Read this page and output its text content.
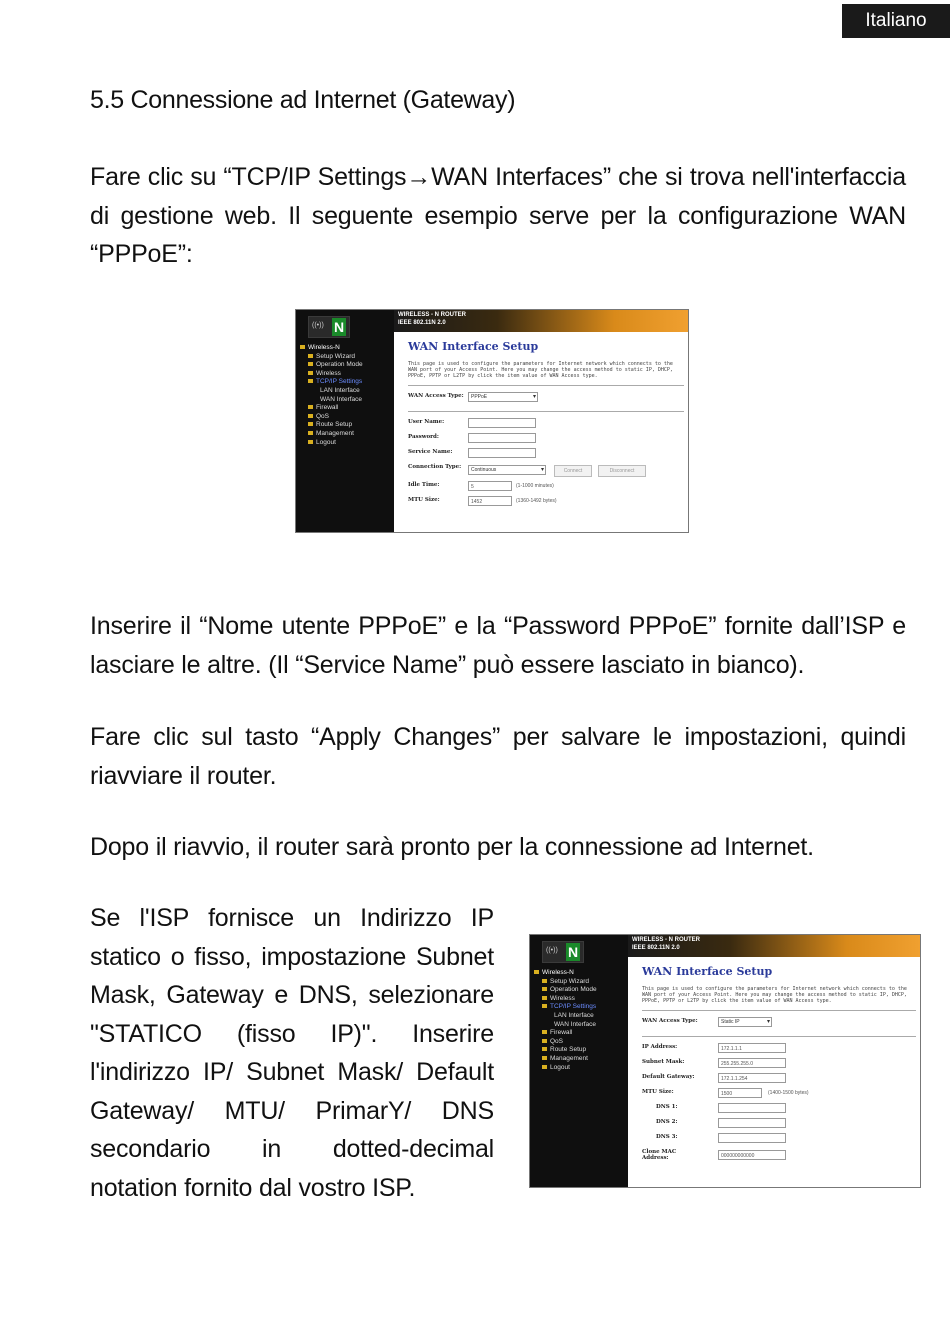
Italiano
5.5 Connessione ad Internet (Gateway)

Fare clic su “TCP/IP Settings→WAN Interfaces” che si trova nell'interfaccia di gestione web. Il seguente esempio serve per la configurazione WAN “PPPoE”:

((•)) N
Wireless-N
Setup Wizard
Operation Mode
Wireless
TCP/IP Settings
LAN Interface
WAN Interface
Firewall
QoS
Route Setup
Management
Logout
WIRELESS - N ROUTER
IEEE 802.11N 2.0
WAN Interface Setup
This page is used to configure the parameters for Internet network which connects to the WAN port of your Access Point. Here you may change the access method to static IP, DHCP, PPPoE, PPTP or L2TP by click the item value of WAN Access type.
WAN Access Type:	PPPoE ▾
User Name:
Password:
Service Name:
Connection Type:	Continuous ▾	Connect	Disconnect
Idle Time:	5	(1-1000 minutes)
MTU Size:	1452	(1360-1492 bytes)

Inserire il “Nome utente PPPoE” e la “Password PPPoE” fornite dall’ISP e lasciare le altre. (Il “Service Name” può essere lasciato in bianco).

Fare clic sul tasto “Apply Changes” per salvare le impostazioni, quindi riavviare il router.

Dopo il riavvio, il router sarà pronto per la connessione ad Internet.

Se l'ISP fornisce un Indirizzo IP statico o fisso, impostazione Subnet Mask, Gateway e DNS, selezionare "STATICO (fisso IP)". Inserire l'indirizzo IP/ Subnet Mask/ Default Gateway/ MTU/ PrimarY/ DNS secondario in dotted-decimal notation fornito dal vostro ISP.

((•)) N
Wireless-N
Setup Wizard
Operation Mode
Wireless
TCP/IP Settings
LAN Interface
WAN Interface
Firewall
QoS
Route Setup
Management
Logout
WIRELESS - N ROUTER
IEEE 802.11N 2.0
WAN Interface Setup
This page is used to configure the parameters for Internet network which connects to the WAN port of your Access Point. Here you may change the access method to static IP, DHCP, PPPoE, PPTP or L2TP by click the item value of WAN Access type.
WAN Access Type:	Static IP ▾
IP Address:	172.1.1.1
Subnet Mask:	255.255.255.0
Default Gateway:	172.1.1.254
MTU Size:	1500	(1400-1500 bytes)
DNS 1:
DNS 2:
DNS 3:
Clone MAC Address:	000000000000
